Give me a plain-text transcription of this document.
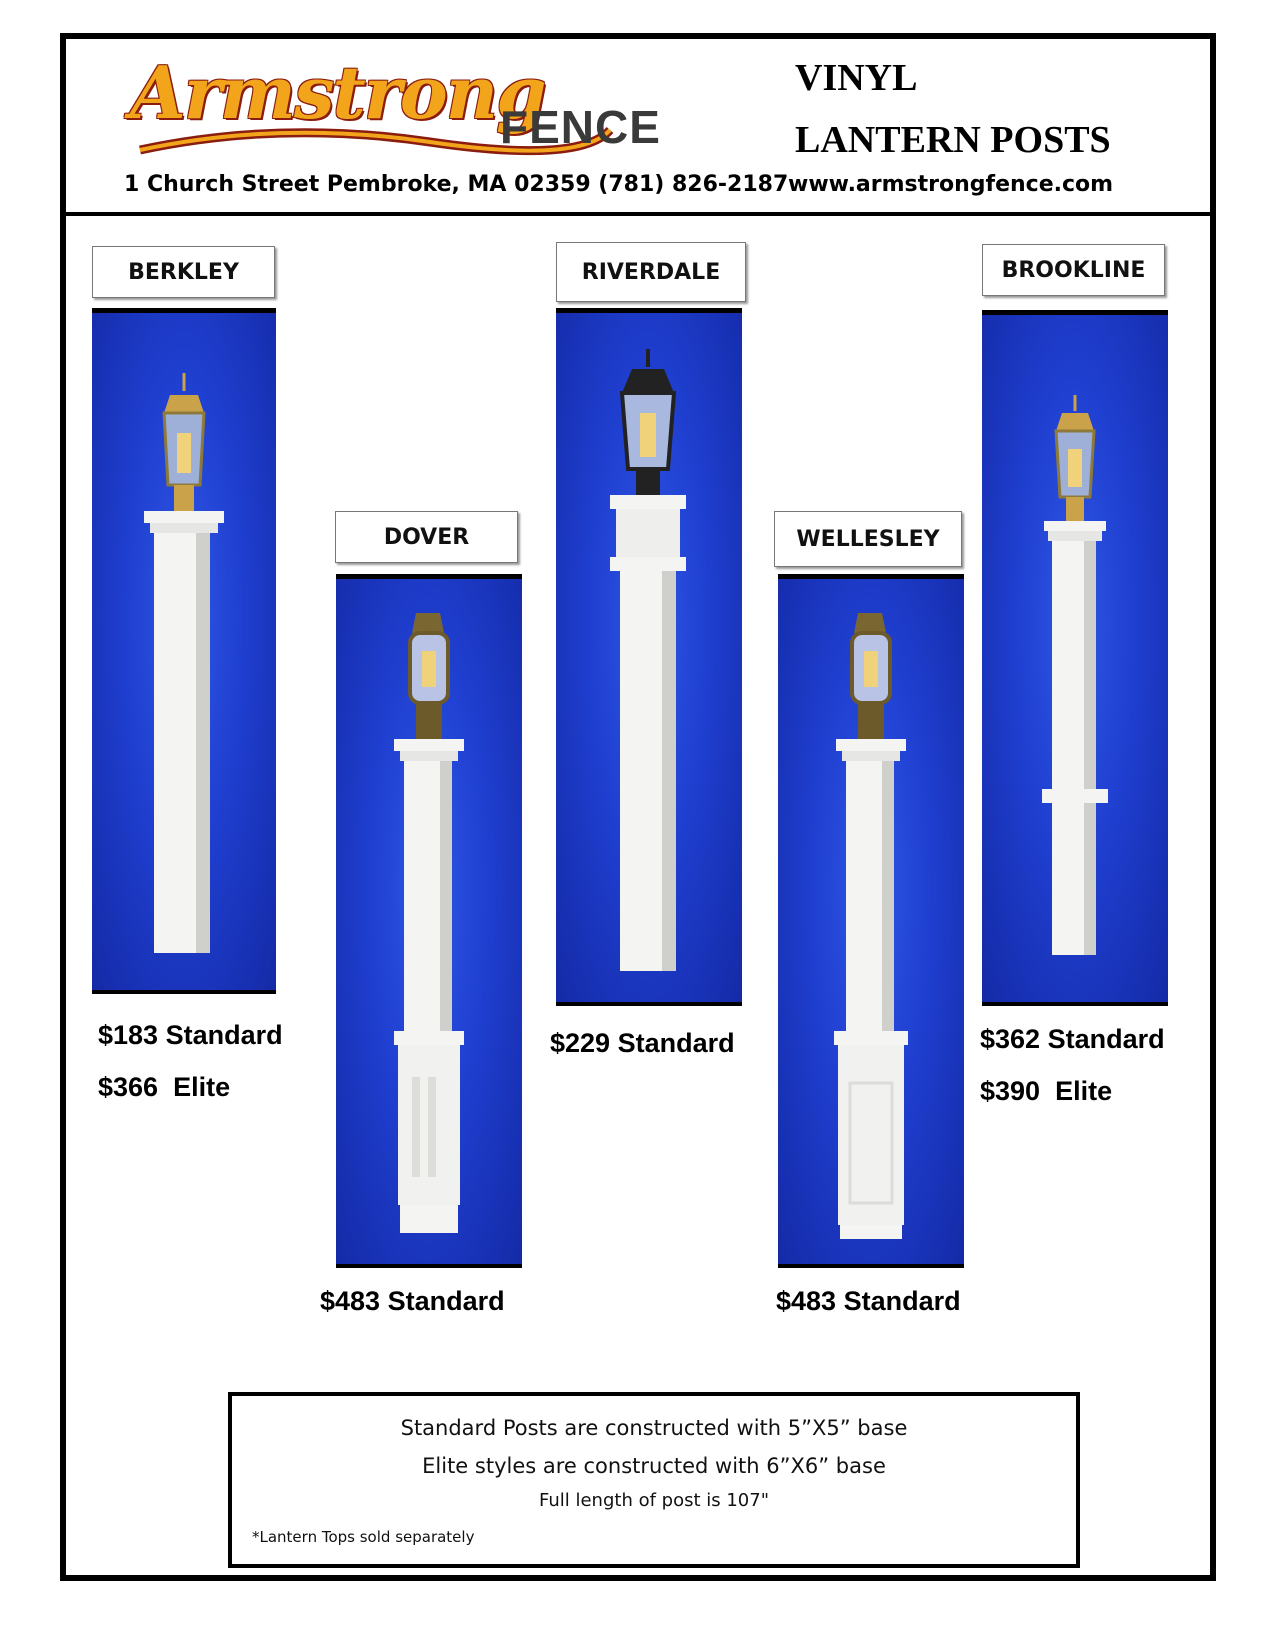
Armstrong
FENCE
VINYL
LANTERN POSTS
1 Church Street Pembroke, MA 02359 (781) 826-2187 www.armstrongfence.com
BERKLEY
$183 Standard
$366  Elite
DOVER
$483 Standard
RIVERDALE
$229 Standard
WELLESLEY
$483 Standard
BROOKLINE
$362 Standard
$390  Elite
Standard Posts are constructed with 5”X5” base
Elite styles are constructed with 6”X6” base
Full length of post is 107"
*Lantern Tops sold separately
